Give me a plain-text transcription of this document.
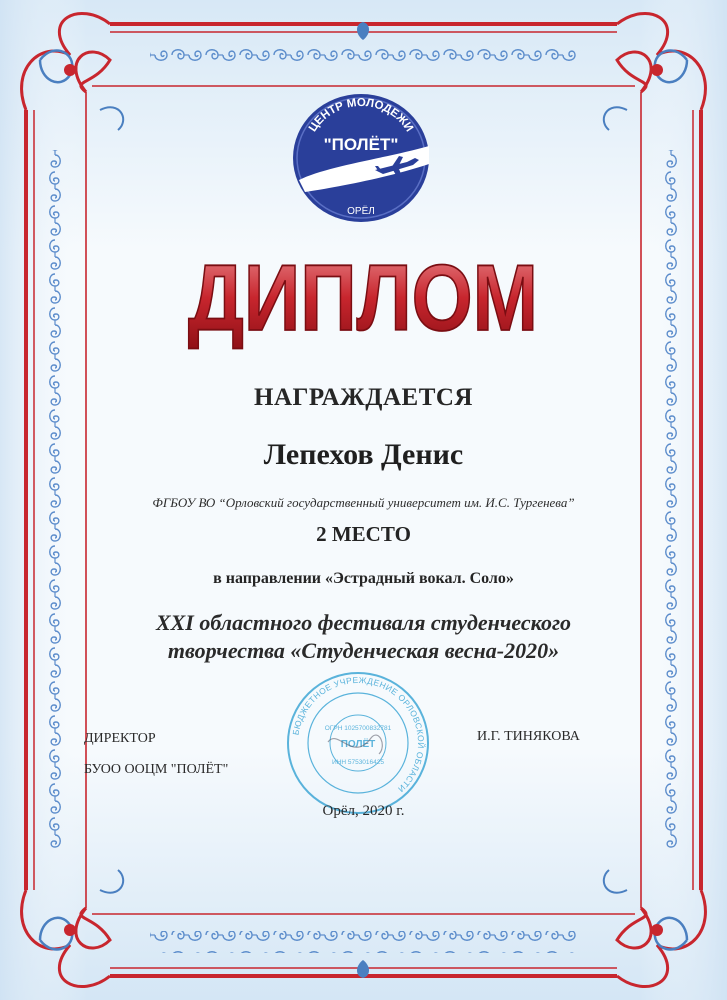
ЦЕНТР МОЛОДЕЖИ
"ПОЛЁТ"
ОРЁЛ
ДИПЛОМ
НАГРАЖДАЕТСЯ
Лепехов Денис
ФГБОУ ВО “Орловский государственный университет им. И.С. Тургенева”
2 МЕСТО
в направлении «Эстрадный вокал. Соло»
XXI областного фестиваля студенческого
творчества «Студенческая весна-2020»
БЮДЖЕТНОЕ УЧРЕЖДЕНИЕ ОРЛОВСКОЙ ОБЛАСТИ
ОГРН 1025700832781
ПОЛЁТ
ИНН 5753016425
ДИРЕКТОР
БУОО ООЦМ "ПОЛЁТ"
И.Г. ТИНЯКОВА
Орёл, 2020 г.
